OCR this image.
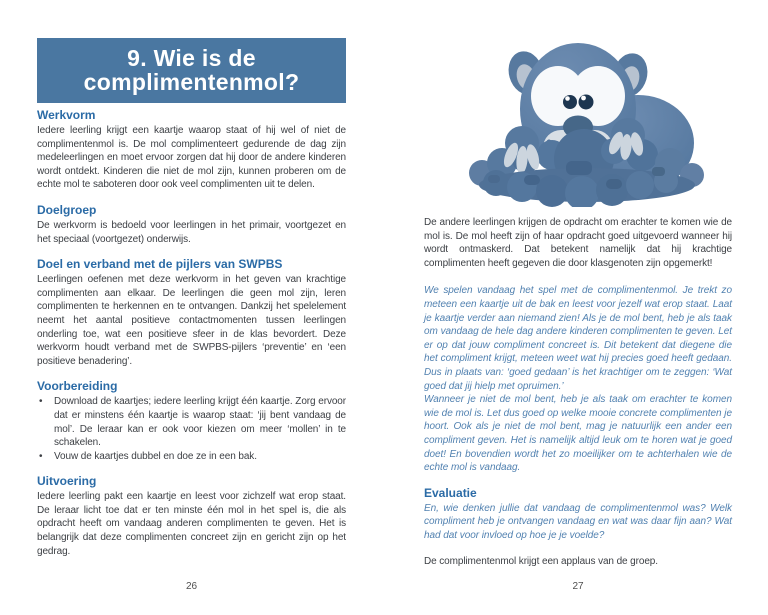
9. Wie is de
complimentenmol?
Werkvorm

Iedere leerling krijgt een kaartje waarop staat of hij wel of niet de complimentenmol is. De mol complimenteert gedurende de dag zijn medeleerlingen en moet ervoor zorgen dat hij door de andere kinderen wordt ontdekt. Kinderen die niet de mol zijn, kunnen proberen om de echte mol te saboteren door ook veel complimenten uit te delen.

Doelgroep

De werkvorm is bedoeld voor leerlingen in het primair, voortgezet en het speciaal (voortgezet) onderwijs.

Doel en verband met de pijlers van SWPBS

Leerlingen oefenen met deze werkvorm in het geven van krachtige complimenten aan elkaar. De leerlingen die geen mol zijn, leren complimenten te herkennen en te ontvangen. Dankzij het spelelement neemt het aantal positieve contactmomenten tussen leerlingen onderling toe, wat een positieve sfeer in de klas bevordert. Deze werkvorm houdt verband met de SWPBS-pijlers ‘preventie’ en ‘een positieve benadering’.

Voorbereiding
• Download de kaartjes; iedere leerling krijgt één kaartje. Zorg ervoor dat er minstens één kaartje is waarop staat: ‘jij bent vandaag de mol’. De leraar kan er ook voor kiezen om meer ‘mollen’ in te schakelen.
• Vouw de kaartjes dubbel en doe ze in een bak.
Uitvoering

Iedere leerling pakt een kaartje en leest voor zichzelf wat erop staat. De leraar licht toe dat er ten minste één mol in het spel is, die als opdracht heeft om vandaag anderen complimenten te geven. Het is belangrijk dat deze complimenten concreet zijn en gericht zijn op het gedrag.

De andere leerlingen krijgen de opdracht om erachter te komen wie de mol is. De mol heeft zijn of haar opdracht goed uitgevoerd wanneer hij wordt ontmaskerd. Dat betekent namelijk dat hij krachtige complimenten heeft gegeven die door klasgenoten zijn opgemerkt!

We spelen vandaag het spel met de complimentenmol. Je trekt zo meteen een kaartje uit de bak en leest voor jezelf wat erop staat. Laat je kaartje verder aan niemand zien! Als je de mol bent, heb je als taak om vandaag de hele dag andere kinderen complimenten te geven. Let er op dat jouw compliment concreet is. Dit betekent dat diegene die het compliment krijgt, meteen weet wat hij precies goed heeft gedaan. Dus in plaats van: ‘goed gedaan’ is het krachtiger om te zeggen: ‘Wat goed dat jij hielp met opruimen.’

Wanneer je niet de mol bent, heb je als taak om erachter te komen wie de mol is. Let dus goed op welke mooie concrete complimenten je hoort. Ook als je niet de mol bent, mag je natuurlijk een ander een compliment geven. Het is namelijk altijd leuk om te horen wat je goed doet! En bovendien wordt het zo moeilijker om te achterhalen wie de echte mol is vandaag.

Evaluatie

En, wie denken jullie dat vandaag de complimentenmol was? Welk compliment heb je ontvangen vandaag en wat was daar fijn aan? Wat had dat voor invloed op hoe je je voelde?

De complimentenmol krijgt een applaus van de groep.

26	27
